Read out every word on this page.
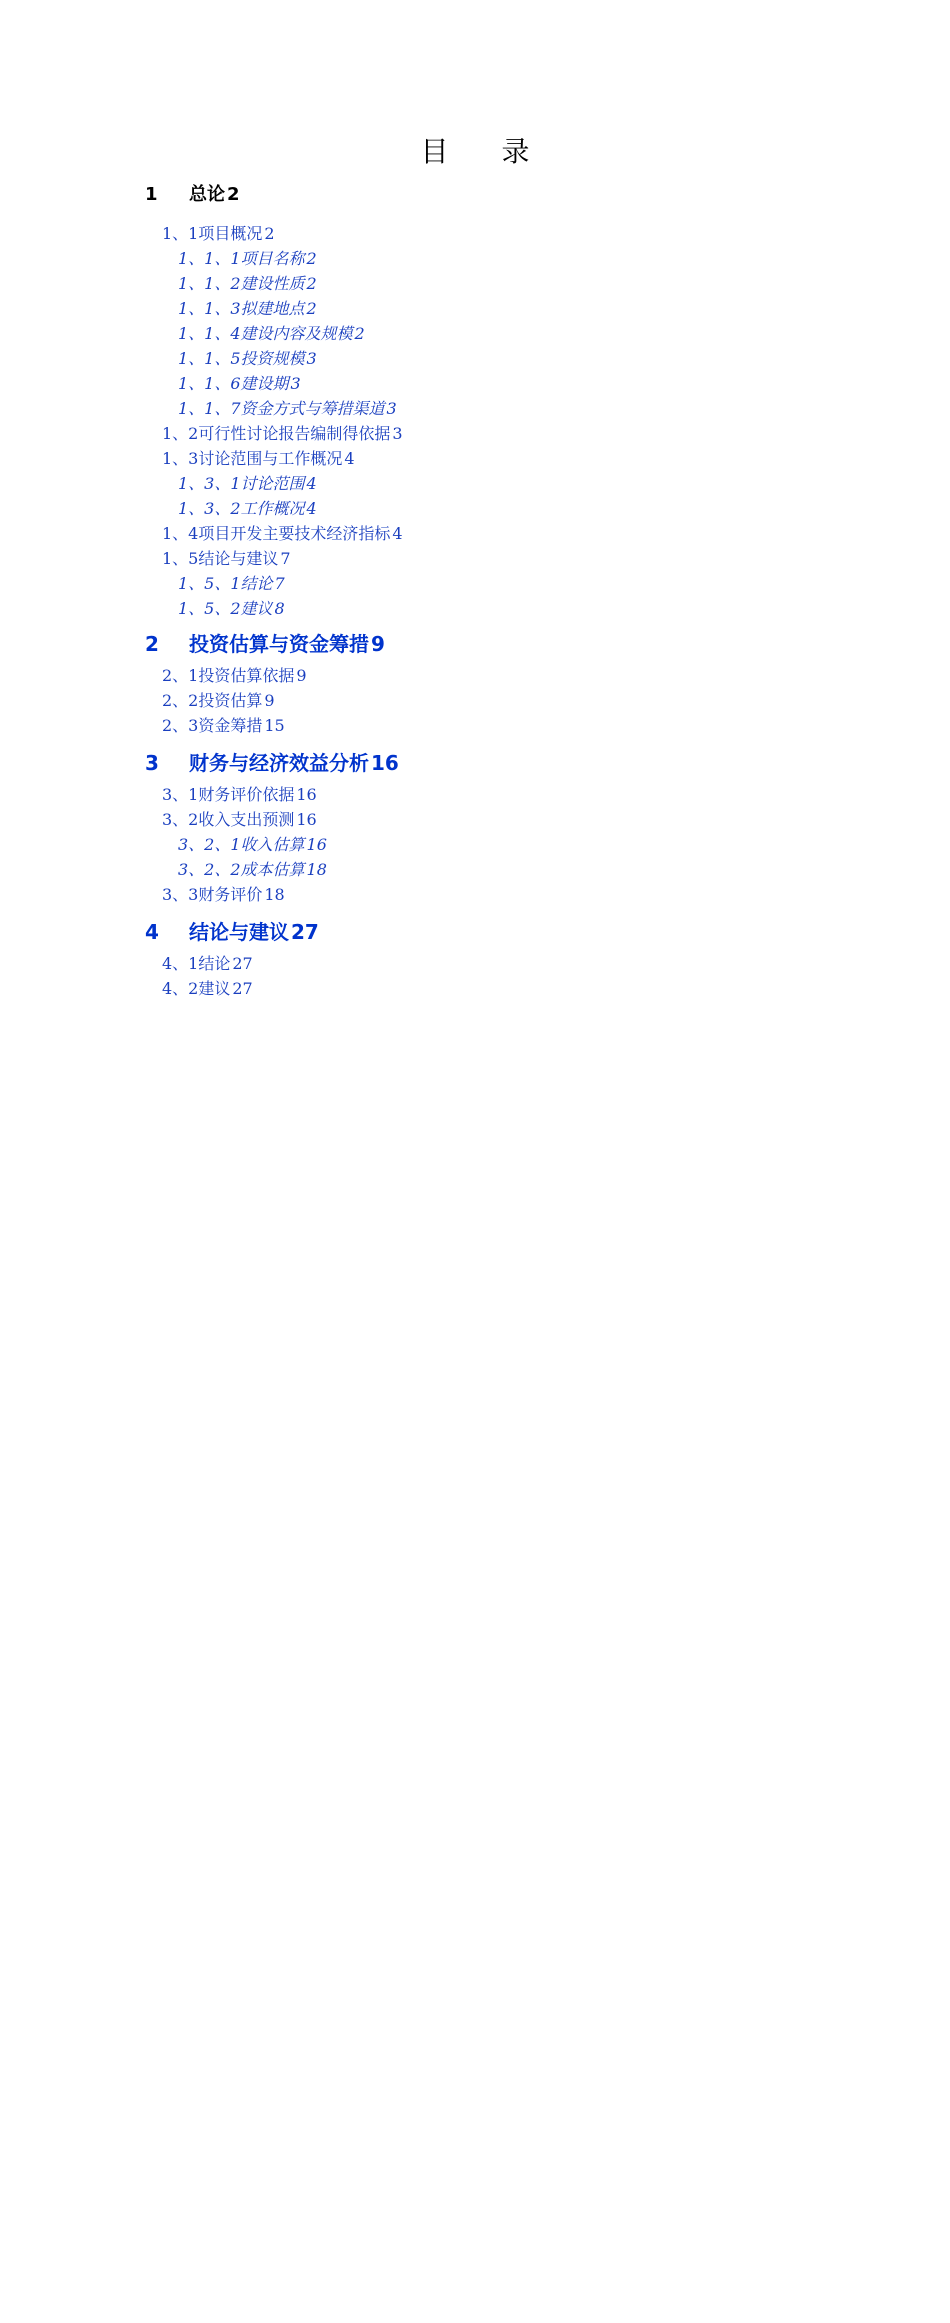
目 录
1 总论 2
1、1项目概况 2
1、1、1项目名称 2
1、1、2建设性质 2
1、1、3拟建地点 2
1、1、4建设内容及规模 2
1、1、5投资规模 3
1、1、6建设期 3
1、1、7资金方式与筹措渠道 3
1、2可行性讨论报告编制得依据 3
1、3讨论范围与工作概况 4
1、3、1讨论范围 4
1、3、2工作概况 4
1、4项目开发主要技术经济指标 4
1、5结论与建议 7
1、5、1结论 7
1、5、2建议 8
2 投资估算与资金筹措 9
2、1投资估算依据 9
2、2投资估算 9
2、3资金筹措 15
3 财务与经济效益分析 16
3、1财务评价依据 16
3、2收入支出预测 16
3、2、1收入估算 16
3、2、2成本估算 18
3、3财务评价 18
4 结论与建议 27
4、1结论 27
4、2建议 27
